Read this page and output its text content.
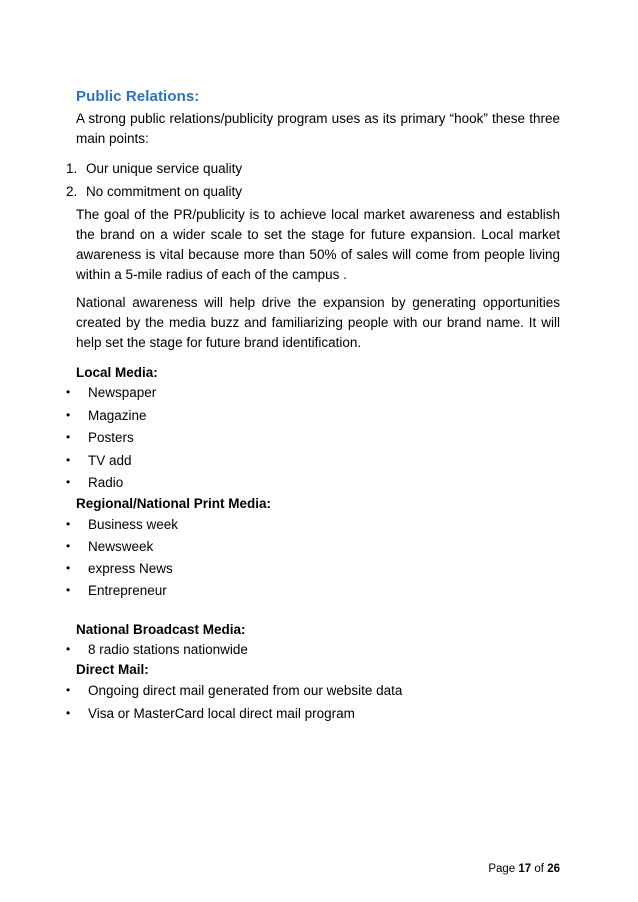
Public Relations:
A strong public relations/publicity program uses as its primary “hook” these three main points:
1. Our unique service quality
2. No commitment on quality
The goal of the PR/publicity is to achieve local market awareness and establish the brand on a wider scale to set the stage for future expansion. Local market awareness is vital because more than 50% of sales will come from people living within a 5-mile radius of each of the campus .
National awareness will help drive the expansion by generating opportunities created by the media buzz and familiarizing people with our brand name. It will help set the stage for future brand identification.
Local Media:
• Newspaper
• Magazine
• Posters
• TV add
• Radio
Regional/National Print Media:
• Business week
• Newsweek
• express News
• Entrepreneur
National Broadcast Media:
• 8 radio stations nationwide
Direct Mail:
• Ongoing direct mail generated from our website data
• Visa or MasterCard local direct mail program
Page 17 of 26
